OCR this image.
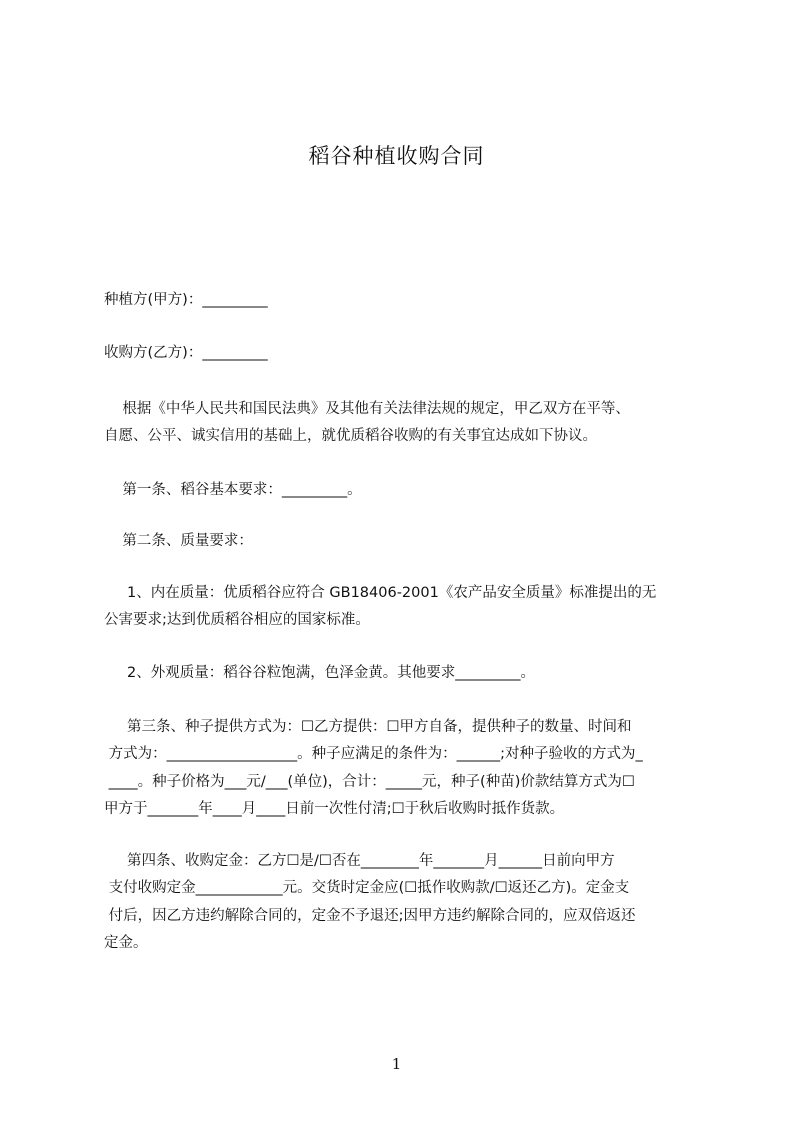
稻谷种植收购合同
种植方(甲方)：_________
收购方(乙方)：_________
根据《中华人民共和国民法典》及其他有关法律法规的规定，甲乙双方在平等、
自愿、公平、诚实信用的基础上，就优质稻谷收购的有关事宜达成如下协议。
第一条、稻谷基本要求：_________。
第二条、质量要求：
1、内在质量：优质稻谷应符合 GB18406-2001《农产品安全质量》标准提出的无
公害要求;达到优质稻谷相应的国家标准。
2、外观质量：稻谷谷粒饱满，色泽金黄。其他要求_________。
第三条、种子提供方式为：☐乙方提供：☐甲方自备，提供种子的数量、时间和
方式为：__________________。种子应满足的条件为：______;对种子验收的方式为_
____。种子价格为___元/___(单位)，合计：_____元，种子(种苗)价款结算方式为☐
甲方于_______年____月____日前一次性付清;☐于秋后收购时抵作货款。
第四条、收购定金：乙方☐是/☐否在________年_______月______日前向甲方
支付收购定金____________元。交货时定金应(☐抵作收购款/☐返还乙方)。定金支
付后，因乙方违约解除合同的，定金不予退还;因甲方违约解除合同的，应双倍返还
定金。
1
